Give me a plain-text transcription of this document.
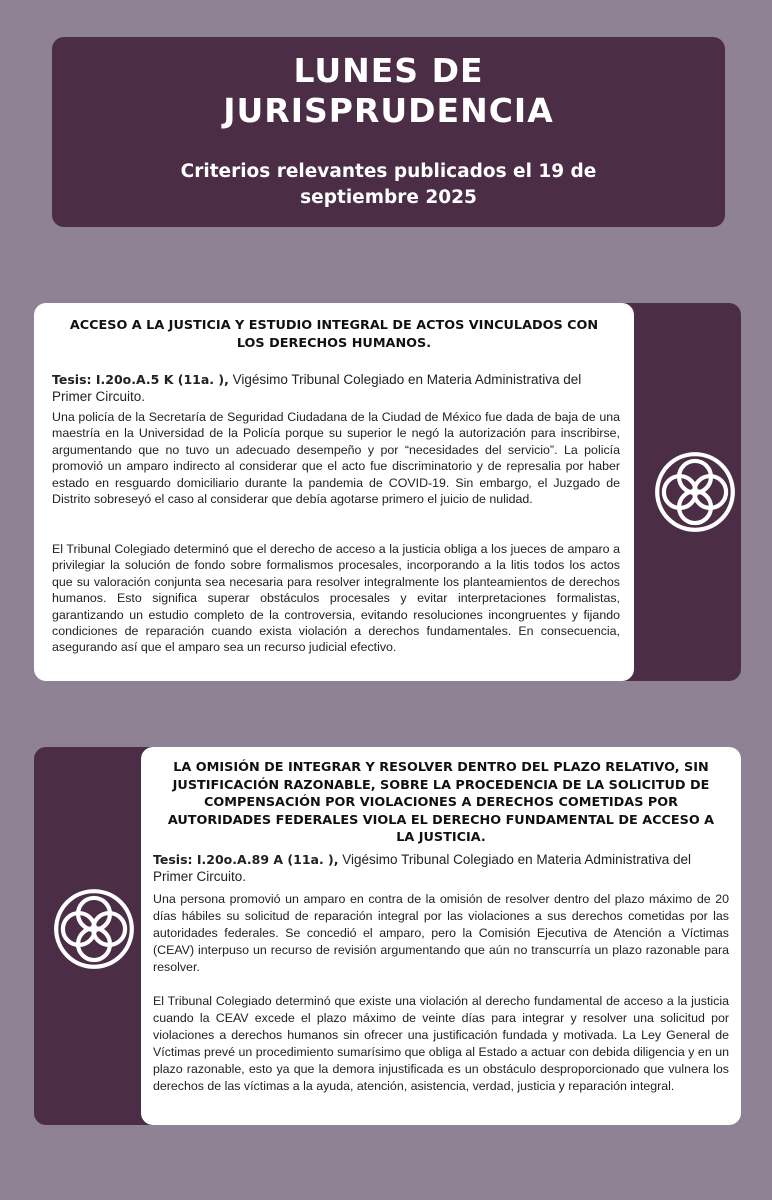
LUNES DE JURISPRUDENCIA
Criterios relevantes publicados el 19 de septiembre 2025
ACCESO A LA JUSTICIA Y ESTUDIO INTEGRAL DE ACTOS VINCULADOS CON LOS DERECHOS HUMANOS.
Tesis: I.20o.A.5 K (11a. ), Vigésimo Tribunal Colegiado en Materia Administrativa del Primer Circuito.
Una policía de la Secretaría de Seguridad Ciudadana de la Ciudad de México fue dada de baja de una maestría en la Universidad de la Policía porque su superior le negó la autorización para inscribirse, argumentando que no tuvo un adecuado desempeño y por “necesidades del servicio”. La policía promovió un amparo indirecto al considerar que el acto fue discriminatorio y de represalia por haber estado en resguardo domiciliario durante la pandemia de COVID-19. Sin embargo, el Juzgado de Distrito sobreseyó el caso al considerar que debía agotarse primero el juicio de nulidad.
El Tribunal Colegiado determinó que el derecho de acceso a la justicia obliga a los jueces de amparo a privilegiar la solución de fondo sobre formalismos procesales, incorporando a la litis todos los actos que su valoración conjunta sea necesaria para resolver integralmente los planteamientos de derechos humanos. Esto significa superar obstáculos procesales y evitar interpretaciones formalistas, garantizando un estudio completo de la controversia, evitando resoluciones incongruentes y fijando condiciones de reparación cuando exista violación a derechos fundamentales. En consecuencia, asegurando así que el amparo sea un recurso judicial efectivo.
LA OMISIÓN DE INTEGRAR Y RESOLVER DENTRO DEL PLAZO RELATIVO, SIN JUSTIFICACIÓN RAZONABLE, SOBRE LA PROCEDENCIA DE LA SOLICITUD DE COMPENSACIÓN POR VIOLACIONES A DERECHOS COMETIDAS POR AUTORIDADES FEDERALES VIOLA EL DERECHO FUNDAMENTAL DE ACCESO A LA JUSTICIA.
Tesis: I.20o.A.89 A (11a. ), Vigésimo Tribunal Colegiado en Materia Administrativa del Primer Circuito.
Una persona promovió un amparo en contra de la omisión de resolver dentro del plazo máximo de 20 días hábiles su solicitud de reparación integral por las violaciones a sus derechos cometidas por las autoridades federales. Se concedió el amparo, pero la Comisión Ejecutiva de Atención a Víctimas (CEAV) interpuso un recurso de revisión argumentando que aún no transcurría un plazo razonable para resolver.
El Tribunal Colegiado determinó que existe una violación al derecho fundamental de acceso a la justicia cuando la CEAV excede el plazo máximo de veinte días para integrar y resolver una solicitud por violaciones a derechos humanos sin ofrecer una justificación fundada y motivada. La Ley General de Víctimas prevé un procedimiento sumarísimo que obliga al Estado a actuar con debida diligencia y en un plazo razonable, esto ya que la demora injustificada es un obstáculo desproporcionado que vulnera los derechos de las víctimas a la ayuda, atención, asistencia, verdad, justicia y reparación integral.
